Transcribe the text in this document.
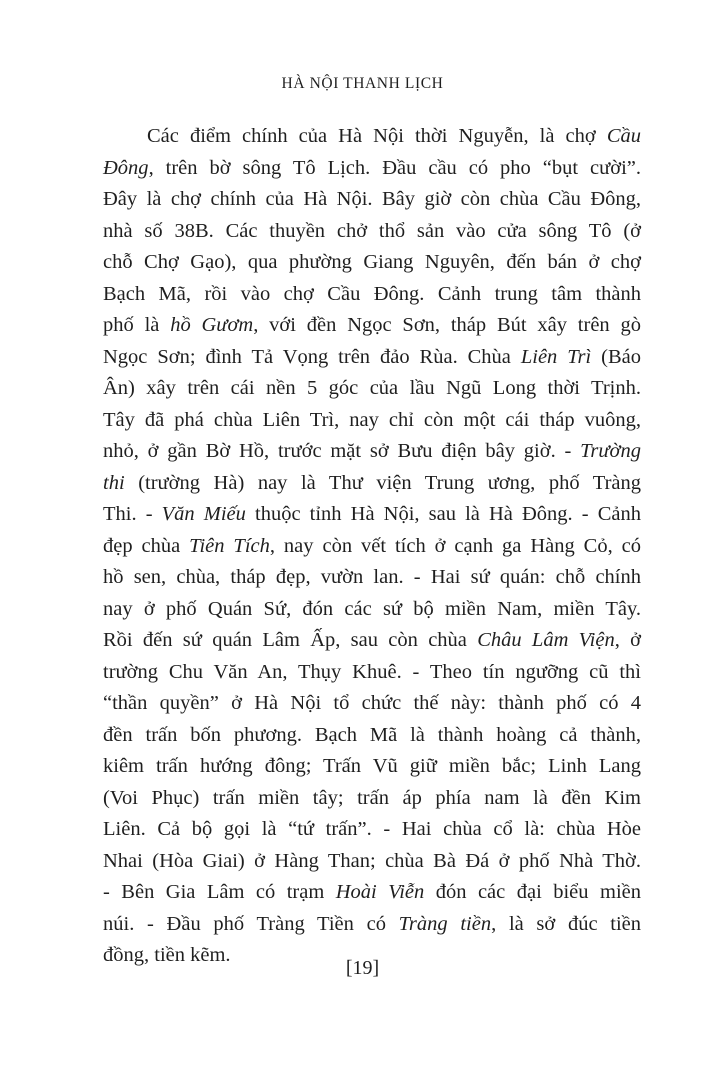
HÀ NỘI THANH LỊCH

Các điểm chính của Hà Nội thời Nguyễn, là chợ Cầu
Đông, trên bờ sông Tô Lịch. Đầu cầu có pho “bụt cười”.
Đây là chợ chính của Hà Nội. Bây giờ còn chùa Cầu Đông,
nhà số 38B. Các thuyền chở thổ sản vào cửa sông Tô (ở
chỗ Chợ Gạo), qua phường Giang Nguyên, đến bán ở chợ
Bạch Mã, rồi vào chợ Cầu Đông. Cảnh trung tâm thành
phố là hồ Gươm, với đền Ngọc Sơn, tháp Bút xây trên gò
Ngọc Sơn; đình Tả Vọng trên đảo Rùa. Chùa Liên Trì (Báo
Ân) xây trên cái nền 5 góc của lầu Ngũ Long thời Trịnh.
Tây đã phá chùa Liên Trì, nay chỉ còn một cái tháp vuông,
nhỏ, ở gần Bờ Hồ, trước mặt sở Bưu điện bây giờ. - Trường
thi (trường Hà) nay là Thư viện Trung ương, phố Tràng
Thi. - Văn Miếu thuộc tỉnh Hà Nội, sau là Hà Đông. - Cảnh
đẹp chùa Tiên Tích, nay còn vết tích ở cạnh ga Hàng Cỏ, có
hồ sen, chùa, tháp đẹp, vườn lan. - Hai sứ quán: chỗ chính
nay ở phố Quán Sứ, đón các sứ bộ miền Nam, miền Tây.
Rồi đến sứ quán Lâm Ấp, sau còn chùa Châu Lâm Viện, ở
trường Chu Văn An, Thụy Khuê. - Theo tín ngưỡng cũ thì
“thần quyền” ở Hà Nội tổ chức thế này: thành phố có 4
đền trấn bốn phương. Bạch Mã là thành hoàng cả thành,
kiêm trấn hướng đông; Trấn Vũ giữ miền bắc; Linh Lang
(Voi Phục) trấn miền tây; trấn áp phía nam là đền Kim
Liên. Cả bộ gọi là “tứ trấn”. - Hai chùa cổ là: chùa Hòe
Nhai (Hòa Giai) ở Hàng Than; chùa Bà Đá ở phố Nhà Thờ.
- Bên Gia Lâm có trạm Hoài Viễn đón các đại biểu miền
núi. - Đầu phố Tràng Tiền có Tràng tiền, là sở đúc tiền
đồng, tiền kẽm.

[19]
